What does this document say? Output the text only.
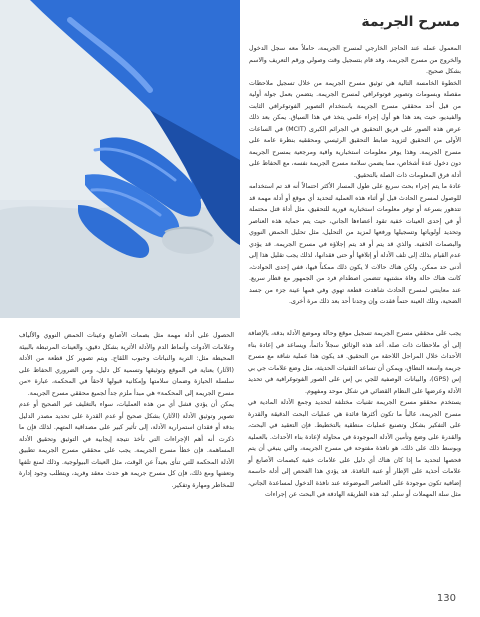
مسرح الجريمة

المعمول عمله عند الحاجز الخارجي لمسرح الجريمة، حاملاً معه سجل الدخول والخروج من مسرح الجريمة، وقد قام بتسجيل وقت وصولي ورقم التعريف والاسم بشكل صحيح.

الخطوة الخامسة التالية هي توثيق مسرح الجريمة من خلال تسجيل ملاحظات مفصلة وبسومات وتصوير فوتوغرافي لمسرح الجريمة. يتضمن بعمل جولة أولية من قبل أحد محققي مسرح الجريمة باستخدام التصوير الفوتوغرافي الثابت والفيديو، حيث يعد هذا هو أول إجراء علمي يتخذ في هذا السياق. يمكن بعد ذلك عرض هذه الصور على فريق التحقيق في الجرائم الكبرى (MCIT) في الساعات الأولى من التحقيق لتزويد ضابط التحقيق الرئيسي ومحققيه بنظرة عامة على مسرح الجريمة. وهذا يوفر معلومات استخبارية وافية ومرجعية بمسرح الجريمة دون دخول عدة أشخاص، مما يضمن سلامة مسرح الجريمة نفسه، مع الحفاظ على أدلة فرق المعلومات ذات الصلة بالتحقيق.

عادة ما يتم إجراء بحث سريع على طول المسار الأكثر احتمالاً أنه قد تم استخدامه للوصول لمسرح الحادث قبل أو أثناء هذه العملية لتحديد أي موقع أو أدلة مهمة قد تتدهور بسرعة أو توفر معلومات استخبارية فورية للتحقيق، مثل أداة قتل محتملة أو في إحدى العينات خفية تقود أعضاءها الجاني، حيث يتم حماية هذه العناصر وتحديد أولوياتها وتسجيلها ورفعها لمزيد من التحليل، مثل تحليل الحمض النووي والبصمات الخفية. والذي قد يتم أو قد يتم إجلاؤه في مسرح الجريمة. قد يؤدي عدم القيام بذلك إلى تلف الأدلة أو إتلافها أو حتى فقدانها، لذلك يجب تقليل هذا إلى أدنى حد ممكن. ولكن هناك حالات لا يكون ذلك ممكناً فيها، ففي إحدى الحوادث، كانت هناك حالة وفاة مشتبهة تتضمن اصطدام فرد من الجمهور مع قطار سريع. عند معاينتي لمسرح الحادث شاهدت قطعة تهوي وفي فمها عينة جزء من جسد الضحية، وتلك العينة حتماً فقدت وإن وجدنا أحد بعد ذلك مرة أخرى.

يجب على محققي مسرح الجريمة تسجيل موقع وحالة وموضع الأدلة بدقة، بالإضافة إلى أي ملاحظات ذات صلة. أعد هذه الوثائق سجلاً دائماً، ويساعد في إعادة بناء الأحداث خلال المراحل اللاحقة من التحقيق. قد يكون هذا عملية شاقة مع مسرح جريمة واسعة النطاق، ويمكن أن تساعد التقنيات الحديثة، مثل وضع علامات جي بي إس (GPS)، والبيانات الوصفية للجي بي إس على الصور الفوتوغرافية في تحديد الأدلة وعرضها على النظام القضائي في شكل موحد ومفهوم.

يستخدم محققو مسرح الجريمة تقنيات مختلفة لتحديد وجمع الأدلة المادية في مسرح الجريمة، غالباً ما تكون أكثرها فائدة هي عمليات البحث الدقيقة والقدرة على التفكير بشكل وتصنيع عمليات منطقية بالتخطيط. فإن التعقيد في البحث، والقدرة على وضع وتأمين الأدلة الموجودة في محاولة لإعادة بناء الأحداث. بالعملية وبوسط ذلك على ذلك، هو نافذة مفتوحة في مسرح الجريمة، والتي ينبغي أن يتم فحصها لتحديد ما إذا كان هناك أي دليل على علامات خفية كبصمات الأصابع أو علامات أحذية على الإطار أو عتبة النافذة. قد يؤدي هذا الفحص إلى أدلة حاسمة إضافية تكون موجودة على العناصر الموضوعة عند نافذة الدخول لمساعدة الجاني، مثل سلة المهملات أو سلم. تُبد هذه الطريقة الهادفة في البحث عن إجراءات

الحصول على أدلة مهمة مثل بصمات الأصابع وعينات الحمض النووي والألياف وعلامات الأدوات وأنماط الدم والأدلة الأثرية بشكل دقيق، والعينات المرتبطة بالبيئة المحيطة مثل: التربة والنباتات وحبوب اللقاح. ويتم تصوير كل قطعة من الأدلة (الآثار) بعناية في الموقع وتوثيقها وتسمية كل دليل، ومن الضروري الحفاظ على سلسلة الحيازة وضمان سلامتها وإمكانية قبولها لاحقاً في المحكمة، عبارة «من مسرح الجريمة إلى المحكمة» هي مبدأ ملزم جداً لجميع محققي مسرح الجريمة.

يمكن أن يؤدي فشل أي من هذه العمليات، سواء بالتغليف غير الصحيح أو عدم تصوير وتوثيق الأدلة (الآثار) بشكل صحيح أو عدم القدرة على تحديد مصدر الدليل بدقة أو فقدان استمرارية الأدلة، إلى تأثير كبير على مصداقية المتهم. لذلك فإن ما ذكرت أنه أهم الإجراءات التي تأخذ نتيجة إيجابية في التوثيق وتحقيق الأدلة المساهمة. فإن خطأ مسرح الجريمة. يجب على محققي مسرح الجريمة تطبيق الأدلة المحكمة للتي تنأى بعيداً عن الوقت، مثل العينات البيولوجية. وذلك لمنع تلفها وتعفنها ومع ذلك، فإن كل مسرح جريمة هو حدث معقد وفريد، ويتطلب وجود إدارة للمخاطر ومهارة وتفكير.

130
